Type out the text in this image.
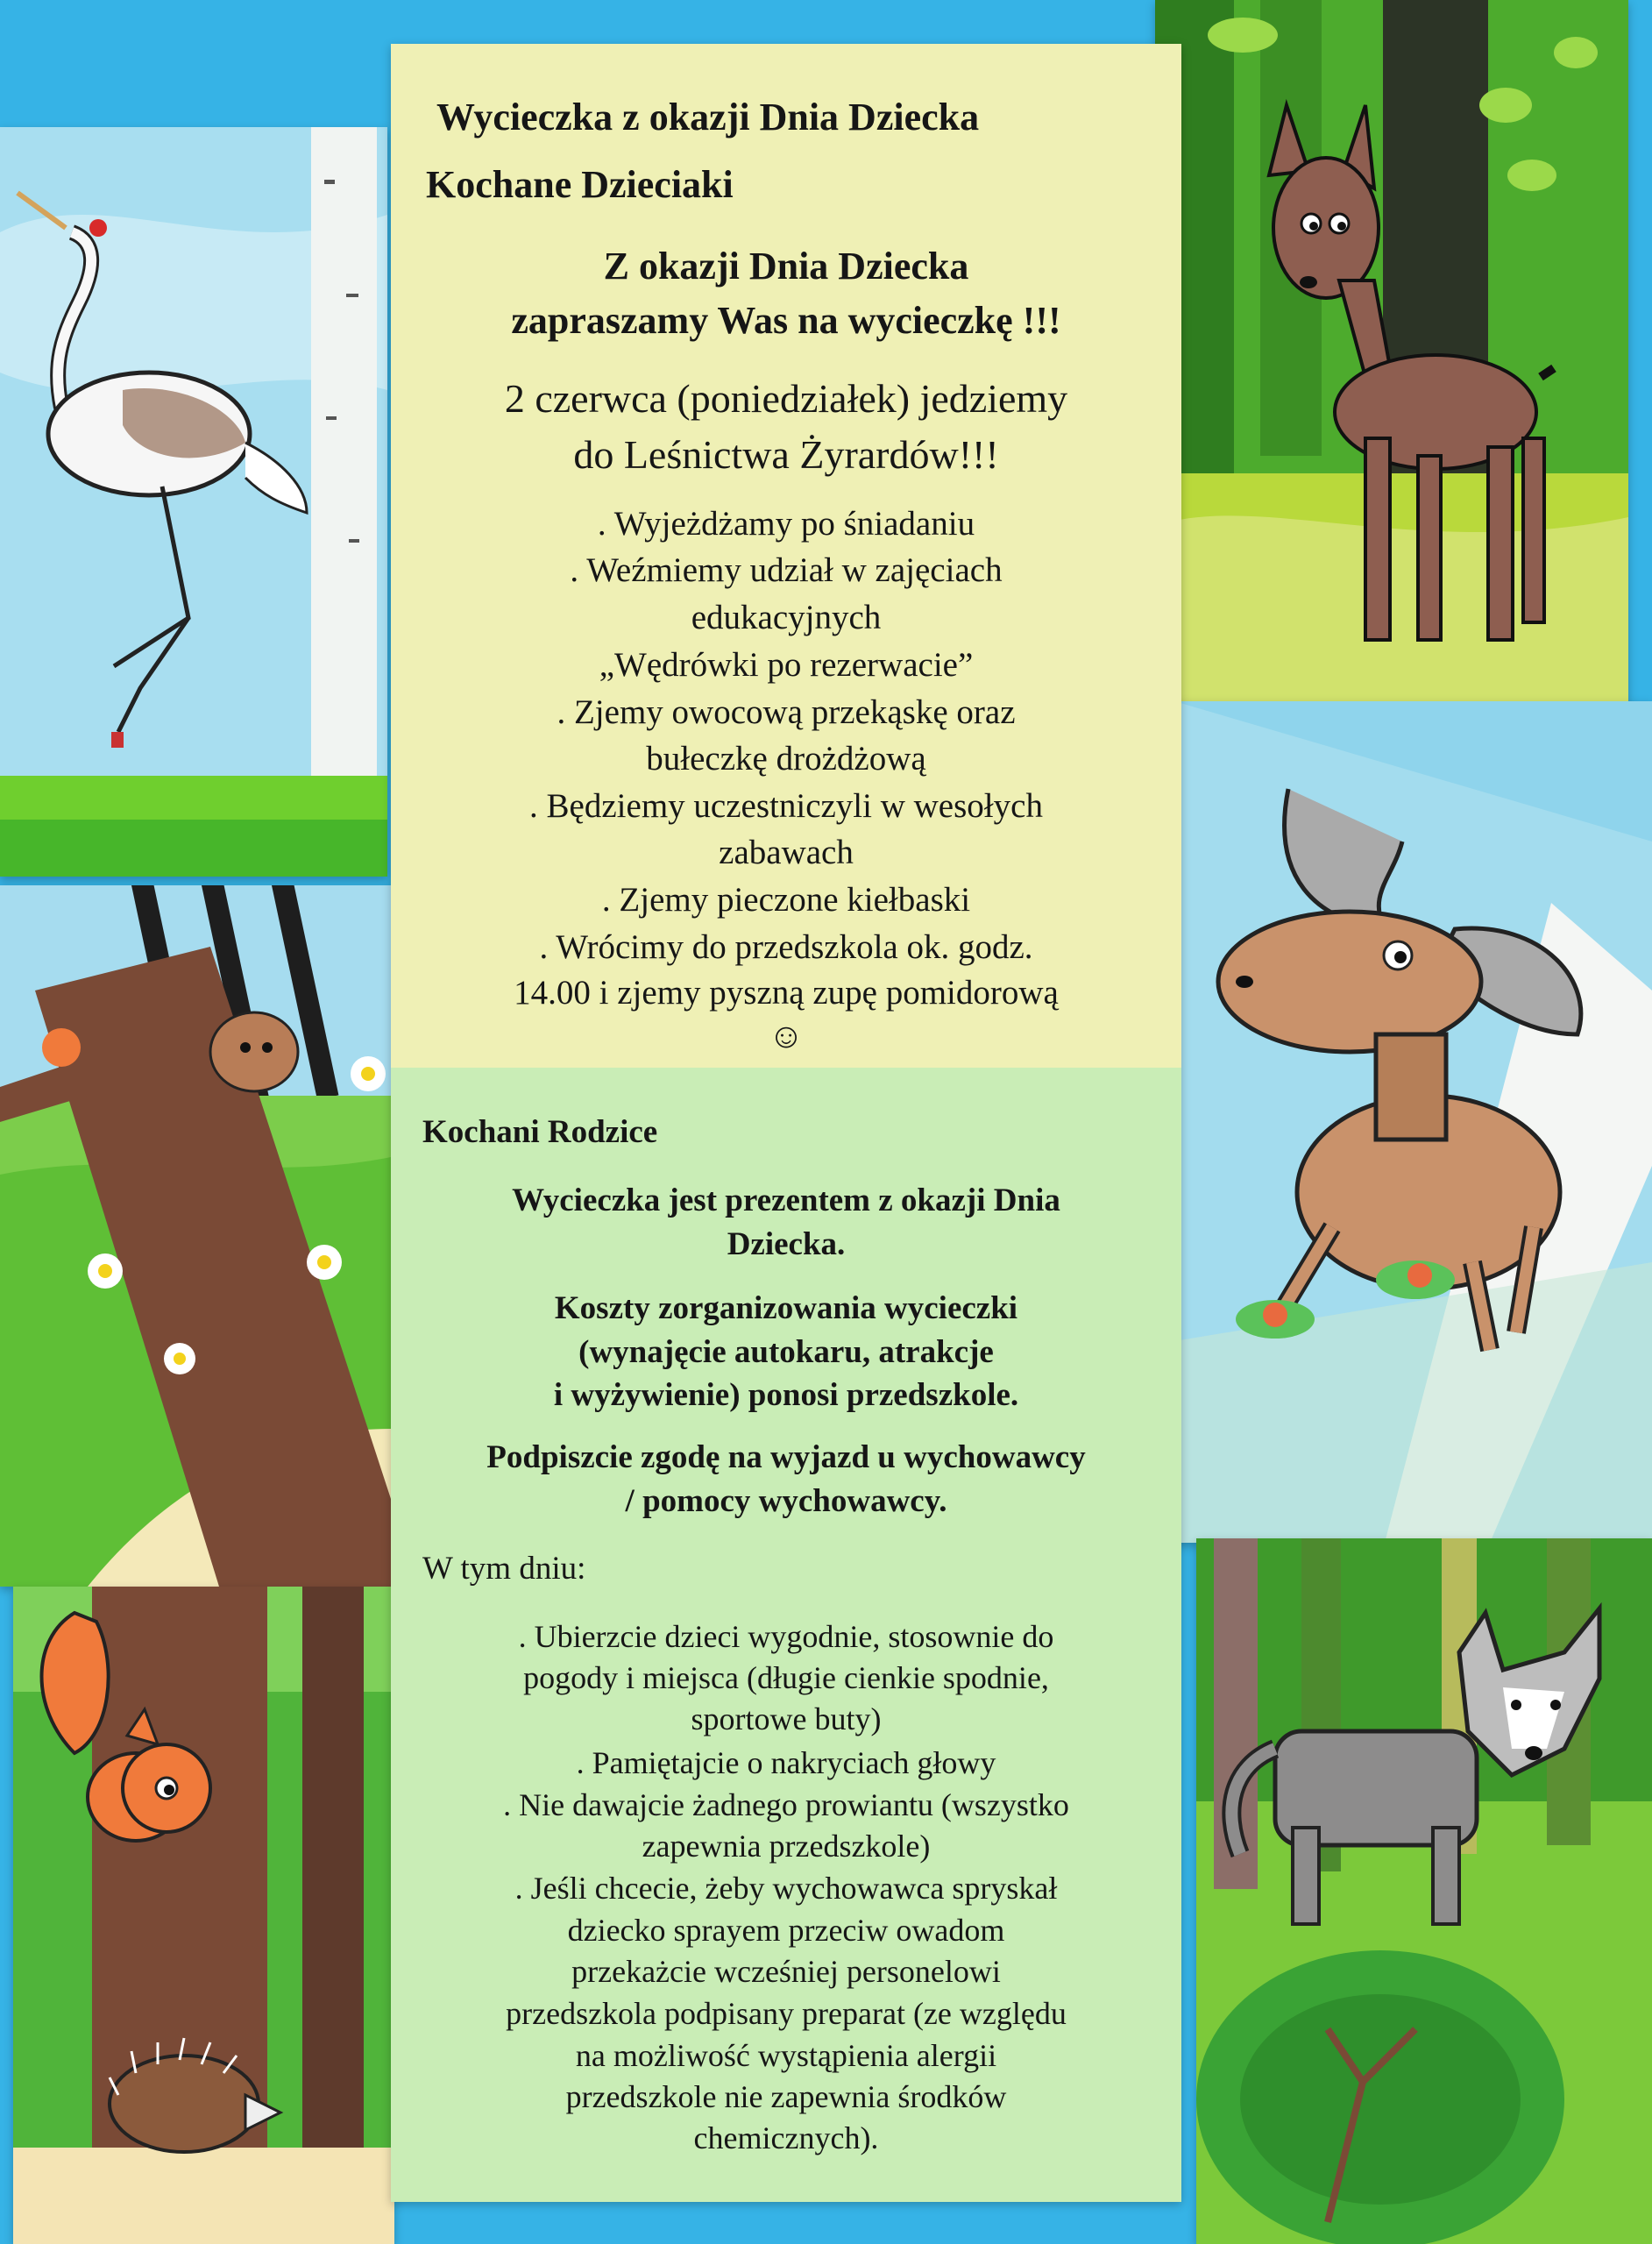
Wycieczka z okazji Dnia Dziecka

Kochane Dzieciaki

Z okazji Dnia Dziecka

zapraszamy Was na wycieczkę !!!

2 czerwca (poniedziałek) jedziemy

do Leśnictwa Żyrardów!!!

. Wyjeżdżamy po śniadaniu

. Weźmiemy udział w zajęciach

edukacyjnych

„Wędrówki po rezerwacie”

. Zjemy owocową przekąskę oraz

bułeczkę drożdżową

. Będziemy uczestniczyli w wesołych

zabawach

. Zjemy pieczone kiełbaski

. Wrócimy do przedszkola ok. godz.

14.00 i zjemy pyszną zupę pomidorową

☺

Kochani Rodzice

Wycieczka jest prezentem z okazji Dnia

Dziecka.

Koszty zorganizowania wycieczki

(wynajęcie autokaru, atrakcje

i wyżywienie) ponosi przedszkole.

Podpiszcie zgodę na wyjazd u wychowawcy

/ pomocy wychowawcy.

W tym dniu:

. Ubierzcie dzieci wygodnie, stosownie do

pogody i miejsca (długie cienkie spodnie,

sportowe buty)

. Pamiętajcie o nakryciach głowy

. Nie dawajcie żadnego prowiantu (wszystko

zapewnia przedszkole)

. Jeśli chcecie, żeby wychowawca spryskał

dziecko sprayem przeciw owadom

przekażcie wcześniej personelowi

przedszkola podpisany preparat (ze względu

na możliwość wystąpienia alergii

przedszkole nie zapewnia środków

chemicznych).
